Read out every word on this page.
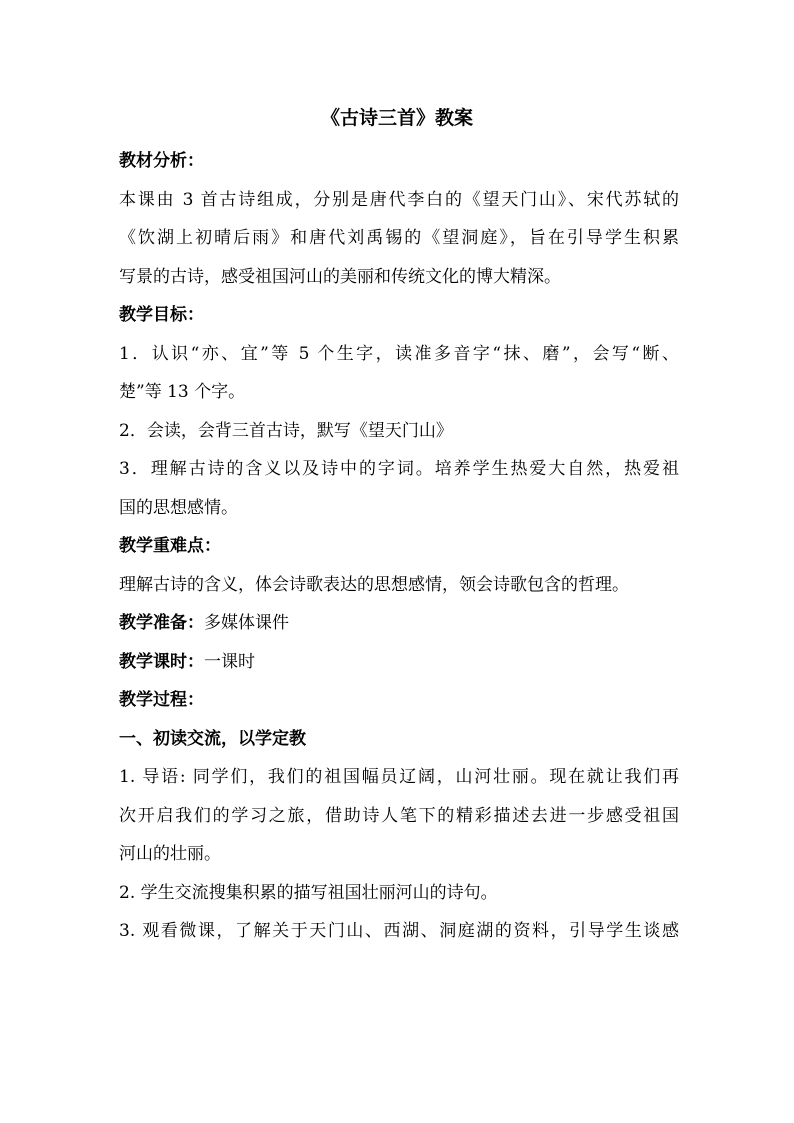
《古诗三首》教案
教材分析：
本课由 3 首古诗组成，分别是唐代李白的《望天门山》、宋代苏轼的
《饮湖上初晴后雨》和唐代刘禹锡的《望洞庭》，旨在引导学生积累
写景的古诗，感受祖国河山的美丽和传统文化的博大精深。
教学目标：
1．认识“亦、宜”等 5 个生字，读准多音字“抹、磨”，会写“断、
楚”等 13 个字。
2．会读，会背三首古诗，默写《望天门山》
3．理解古诗的含义以及诗中的字词。培养学生热爱大自然，热爱祖
国的思想感情。
教学重难点：
理解古诗的含义，体会诗歌表达的思想感情，领会诗歌包含的哲理。
教学准备：多媒体课件
教学课时：一课时
教学过程：
一、初读交流，以学定教
1. 导语: 同学们，我们的祖国幅员辽阔，山河壮丽。现在就让我们再
次开启我们的学习之旅，借助诗人笔下的精彩描述去进一步感受祖国
河山的壮丽。
2. 学生交流搜集积累的描写祖国壮丽河山的诗句。
3. 观看微课，了解关于天门山、西湖、洞庭湖的资料，引导学生谈感
